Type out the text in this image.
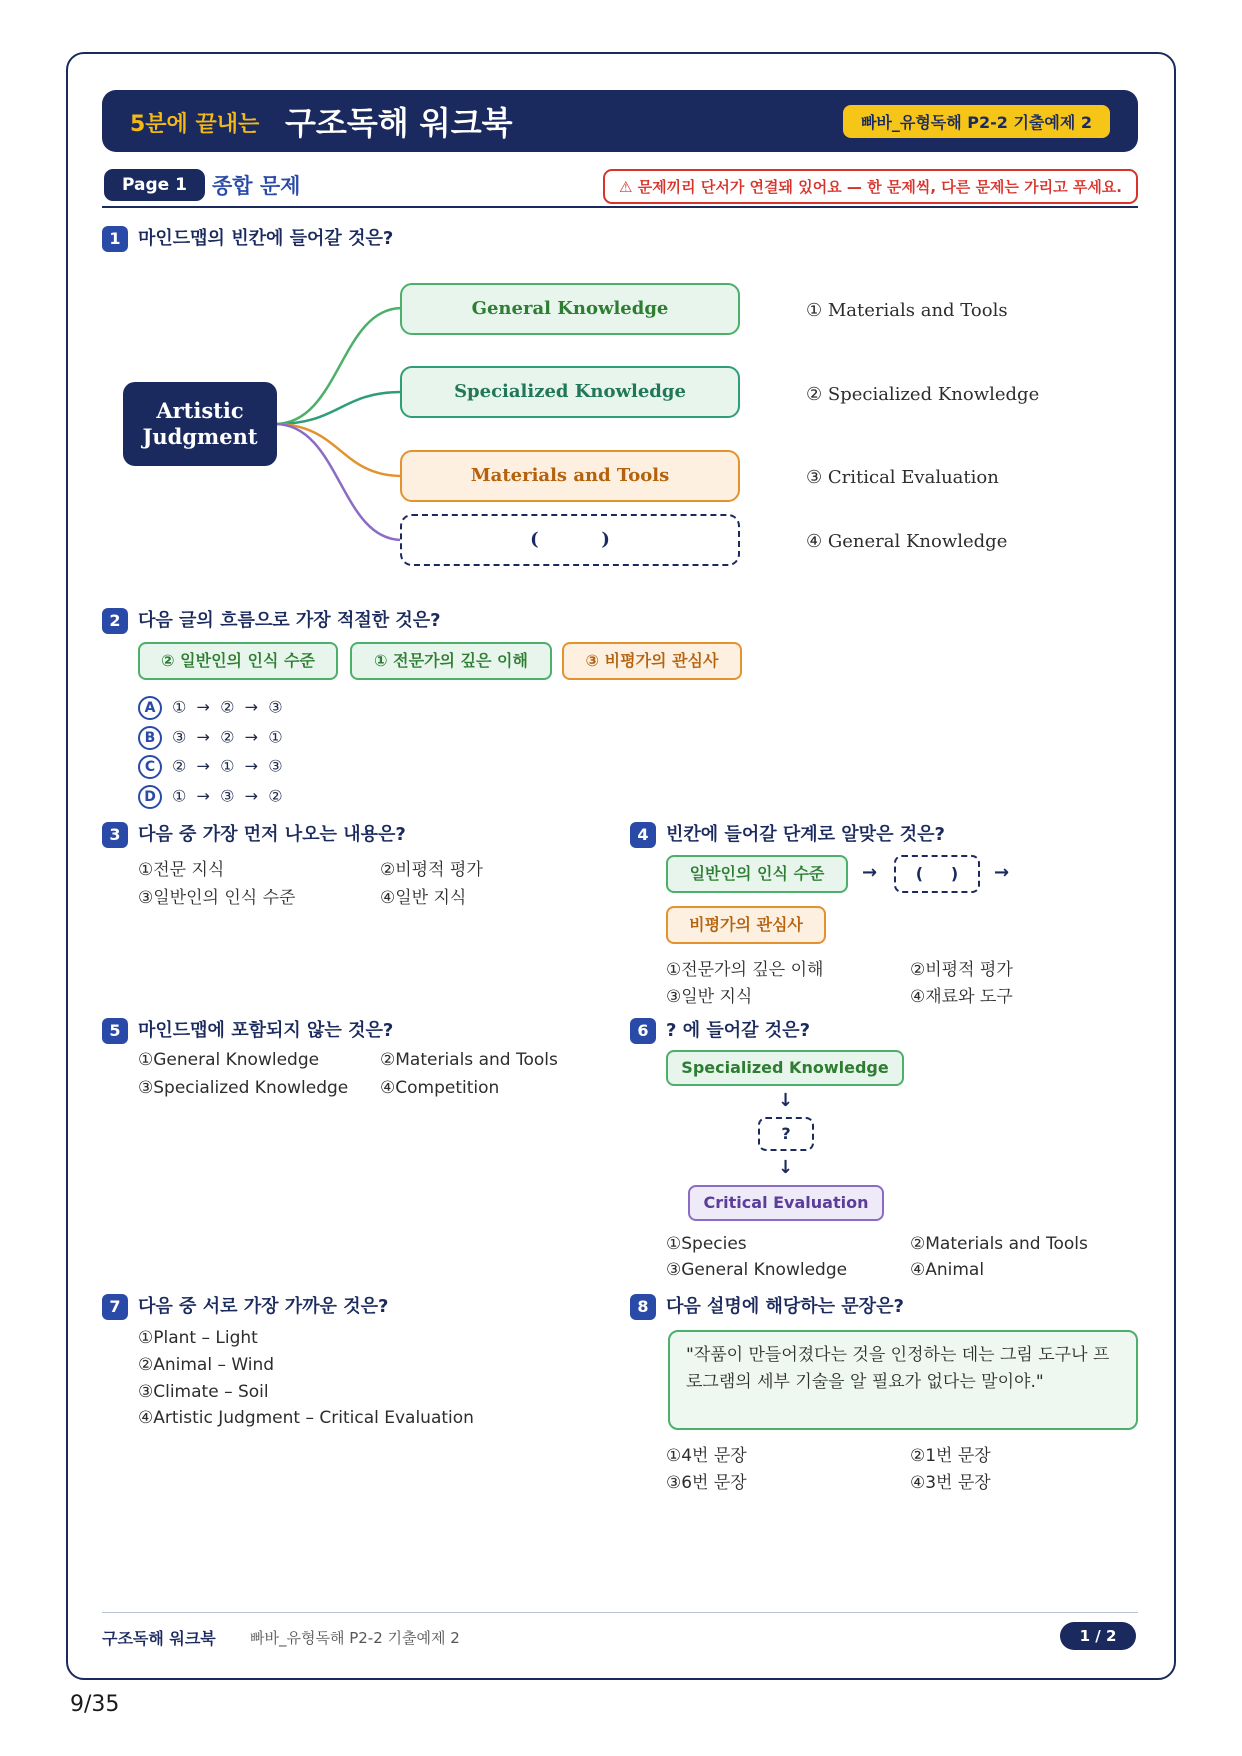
5분에 끝내는 구조독해 워크북	빠바_유형독해 P2-2 기출예제 2
Page 1	종합 문제	⚠ 문제끼리 단서가 연결돼 있어요 — 한 문제씩, 다른 문제는 가리고 푸세요.
1 마인드맵의 빈칸에 들어갈 것은?
Artistic Judgment
General Knowledge
Specialized Knowledge
Materials and Tools
(          )
① Materials and Tools
② Specialized Knowledge
③ Critical Evaluation
④ General Knowledge
2 다음 글의 흐름으로 가장 적절한 것은?
② 일반인의 인식 수준	① 전문가의 깊은 이해	③ 비평가의 관심사
A ①  →  ②  →  ③
B ③  →  ②  →  ①
C ②  →  ①  →  ③
D ①  →  ③  →  ②
3 다음 중 가장 먼저 나오는 내용은?
①전문 지식	②비평적 평가
③일반인의 인식 수준	④일반 지식
4 빈칸에 들어갈 단계로 알맞은 것은?
일반인의 인식 수준	→	(     )	→
비평가의 관심사
①전문가의 깊은 이해	②비평적 평가
③일반 지식	④재료와 도구
5 마인드맵에 포함되지 않는 것은?
①General Knowledge	②Materials and Tools
③Specialized Knowledge ④Competition
6 ? 에 들어갈 것은?
Specialized Knowledge
↓
?
↓
Critical Evaluation
①Species	②Materials and Tools
③General Knowledge	④Animal
7 다음 중 서로 가장 가까운 것은?
①Plant – Light
②Animal – Wind
③Climate – Soil
④Artistic Judgment – Critical Evaluation
8 다음 설명에 해당하는 문장은?
"작품이 만들어졌다는 것을 인정하는 데는 그림 도구나 프로그램의 세부 기술을 알 필요가 없다는 말이야."
①4번 문장	②1번 문장
③6번 문장	④3번 문장
구조독해 워크북 빠바_유형독해 P2-2 기출예제 2	1 / 2
9/35
